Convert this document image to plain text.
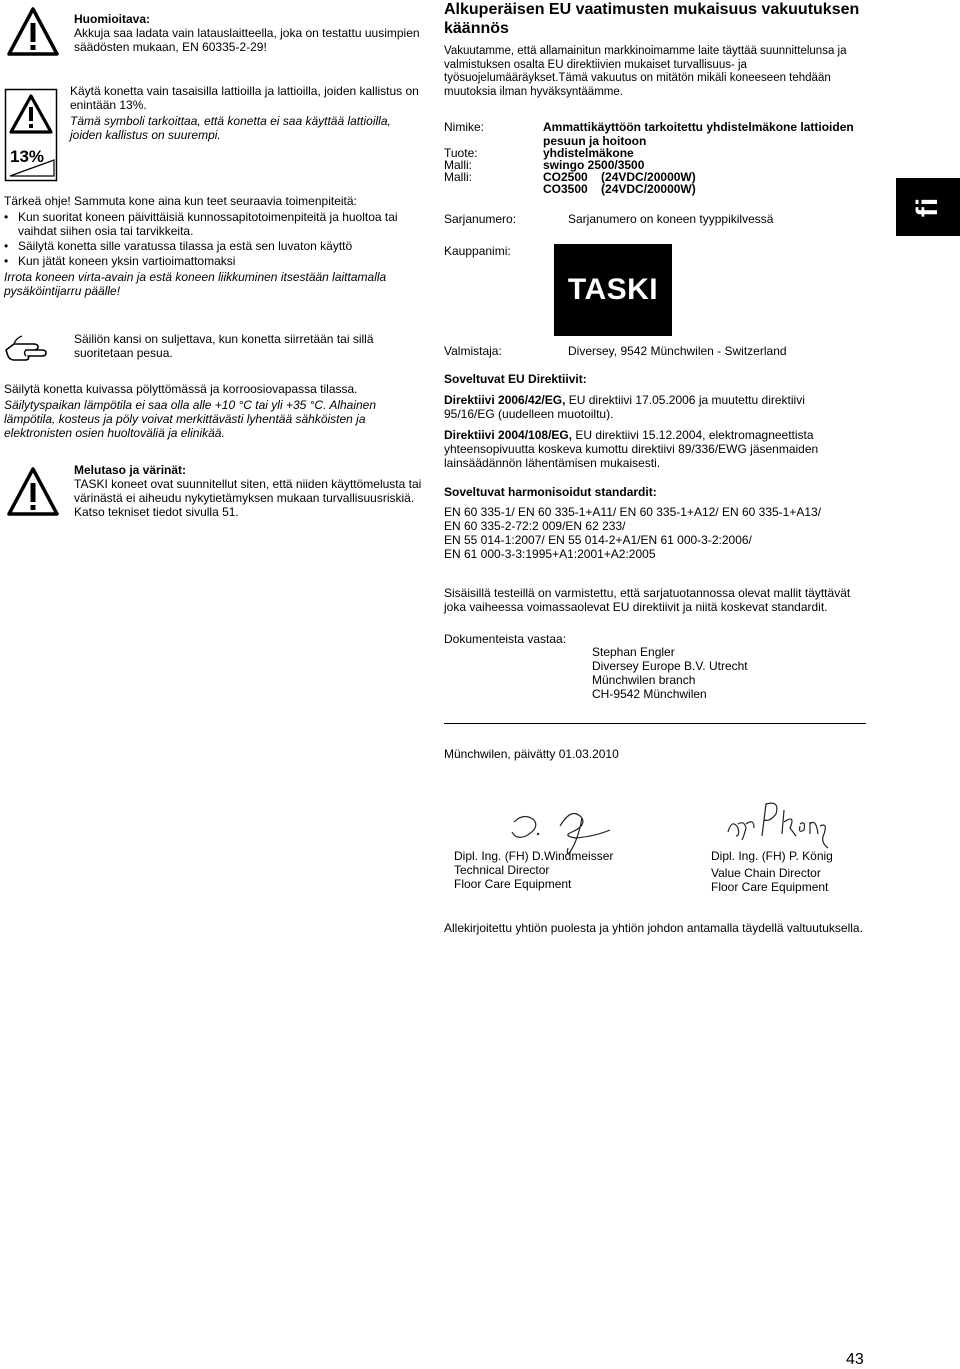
Huomioitava:

Akkuja saa ladata vain latauslaitteella, joka on testattu uusimpien säädösten mukaan, EN 60335-2-29!

13%

Käytä konetta vain tasaisilla lattioilla ja lattioilla, joiden kallistus on enintään 13%.

Tämä symboli tarkoittaa, että konetta ei saa käyttää lattioilla, joiden kallistus on suurempi.

Tärkeä ohje! Sammuta kone aina kun teet seuraavia toimenpiteitä:

• Kun suoritat koneen päivittäisiä kunnossapitotoimenpiteitä ja huoltoa tai vaihdat siihen osia tai tarvikkeita.
• Säilytä konetta sille varatussa tilassa ja estä sen luvaton käyttö
• Kun jätät koneen yksin vartioimattomaksi

Irrota koneen virta-avain ja estä koneen liikkuminen itsestään laittamalla pysäköintijarru päälle!

Säiliön kansi on suljettava, kun konetta siirretään tai sillä suoritetaan pesua.

Säilytä konetta kuivassa pölyttömässä ja korroosiovapassa tilassa.

Säilytyspaikan lämpötila ei saa olla alle +10 °C tai yli +35 °C. Alhainen lämpötila, kosteus ja pöly voivat merkittävästi lyhentää sähköisten ja elektronisten osien huoltoväliä ja elinikää.

Melutaso ja värinät:

TASKI koneet ovat suunnitellut siten, että niiden käyttömelusta tai värinästä ei aiheudu nykytietämyksen mukaan turvallisuusriskiä. Katso tekniset tiedot sivulla 51.

Alkuperäisen EU vaatimusten mukaisuus vakuutuksen käännös
Vakuutamme, että allamainitun markkinoimamme laite täyttää suunnittelunsa ja valmistuksen osalta EU direktiivien mukaiset turvallisuus- ja työsuojelumääräykset.Tämä vakuutus on mitätön mikäli koneeseen tehdään muutoksia ilman hyväksyntäämme.
Nimike:	Ammattikäyttöön tarkoitettu yhdistelmäkone lattioiden pesuun ja hoitoon
Tuote:	yhdistelmäkone
Malli:	swingo 2500/3500
Malli:	CO2500    (24VDC/20000W)
CO3500    (24VDC/20000W)
Sarjanumero:	Sarjanumero on koneen tyyppikilvessä
Kauppanimi:
TASKI
Valmistaja:	Diversey, 9542 Münchwilen - Switzerland
Soveltuvat EU Direktiivit:
Direktiivi 2006/42/EG, EU direktiivi 17.05.2006 ja muutettu direktiivi 95/16/EG (uudelleen muotoiltu).
Direktiivi 2004/108/EG, EU direktiivi 15.12.2004, elektromagneettista yhteensopivuutta koskeva kumottu direktiivi 89/336/EWG jäsenmaiden lainsäädännön lähentämisen mukaisesti.
Soveltuvat harmonisoidut standardit:

EN 60 335-1/ EN 60 335-1+A11/ EN 60 335-1+A12/ EN 60 335-1+A13/

EN 60 335-2-72:2 009/EN 62 233/

EN 55 014-1:2007/ EN 55 014-2+A1/EN 61 000-3-2:2006/

EN 61 000-3-3:1995+A1:2001+A2:2005

Sisäisillä testeillä on varmistettu, että sarjatuotannossa olevat mallit täyttävät joka vaiheessa voimassaolevat EU direktiivit ja niitä koskevat standardit.
Dokumenteista vastaa:

Stephan Engler

Diversey Europe B.V. Utrecht

Münchwilen branch

CH-9542 Münchwilen

Münchwilen, päivätty 01.03.2010

Dipl. Ing. (FH) D.Windmeisser

Technical Director

Floor Care Equipment

Dipl. Ing. (FH) P. König

Value Chain Director

Floor Care Equipment

Allekirjoitettu yhtiön puolesta ja yhtiön johdon antamalla täydellä valtuutuksella.
fi
43
